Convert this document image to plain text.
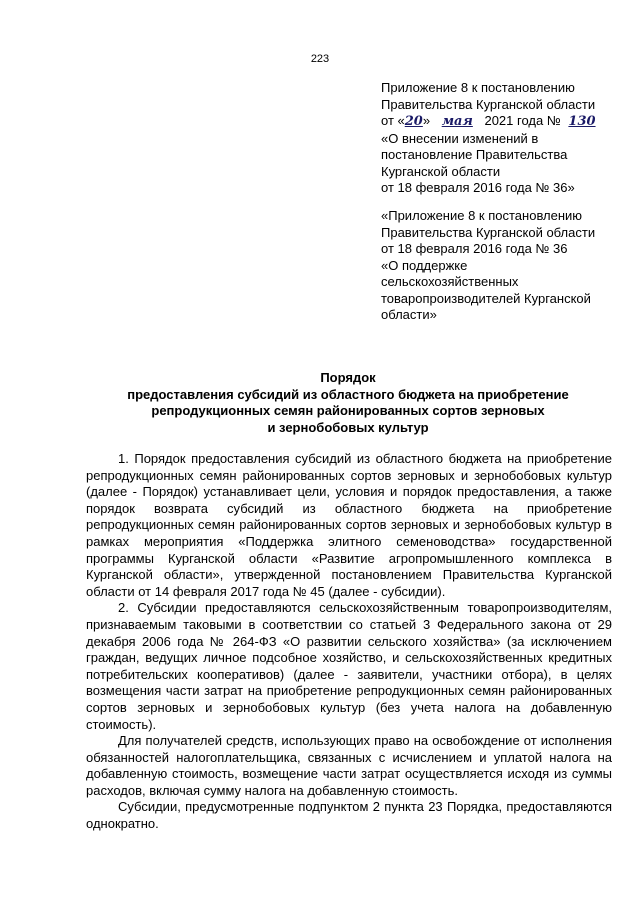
223
Приложение 8 к постановлению
Правительства Курганской области
от «20» мая 2021 года № 130
«О внесении изменений в
постановление Правительства
Курганской области
от 18 февраля 2016 года № 36»
«Приложение 8 к постановлению
Правительства Курганской области
от 18 февраля 2016 года № 36
«О поддержке
сельскохозяйственных
товаропроизводителей Курганской
области»
Порядок
предоставления субсидий из областного бюджета на приобретение
репродукционных семян районированных сортов зерновых
и зернобобовых культур

1. Порядок предоставления субсидий из областного бюджета на приобретение репродукционных семян районированных сортов зерновых и зернобобовых культур (далее - Порядок) устанавливает цели, условия и порядок предоставления, а также порядок возврата субсидий из областного бюджета на приобретение репродукционных семян районированных сортов зерновых и зернобобовых культур в рамках мероприятия «Поддержка элитного семеноводства» государственной программы Курганской области «Развитие агропромышленного комплекса в Курганской области», утвержденной постановлением Правительства Курганской области от 14 февраля 2017 года № 45 (далее - субсидии).

2. Субсидии предоставляются сельскохозяйственным товаропроизводителям, признаваемым таковыми в соответствии со статьей 3 Федерального закона от 29 декабря 2006 года № 264-ФЗ «О развитии сельского хозяйства» (за исключением граждан, ведущих личное подсобное хозяйство, и сельскохозяйственных кредитных потребительских кооперативов) (далее - заявители, участники отбора), в целях возмещения части затрат на приобретение репродукционных семян районированных сортов зерновых и зернобобовых культур (без учета налога на добавленную стоимость).

Для получателей средств, использующих право на освобождение от исполнения обязанностей налогоплательщика, связанных с исчислением и уплатой налога на добавленную стоимость, возмещение части затрат осуществляется исходя из суммы расходов, включая сумму налога на добавленную стоимость.

Субсидии, предусмотренные подпунктом 2 пункта 23 Порядка, предоставляются однократно.
